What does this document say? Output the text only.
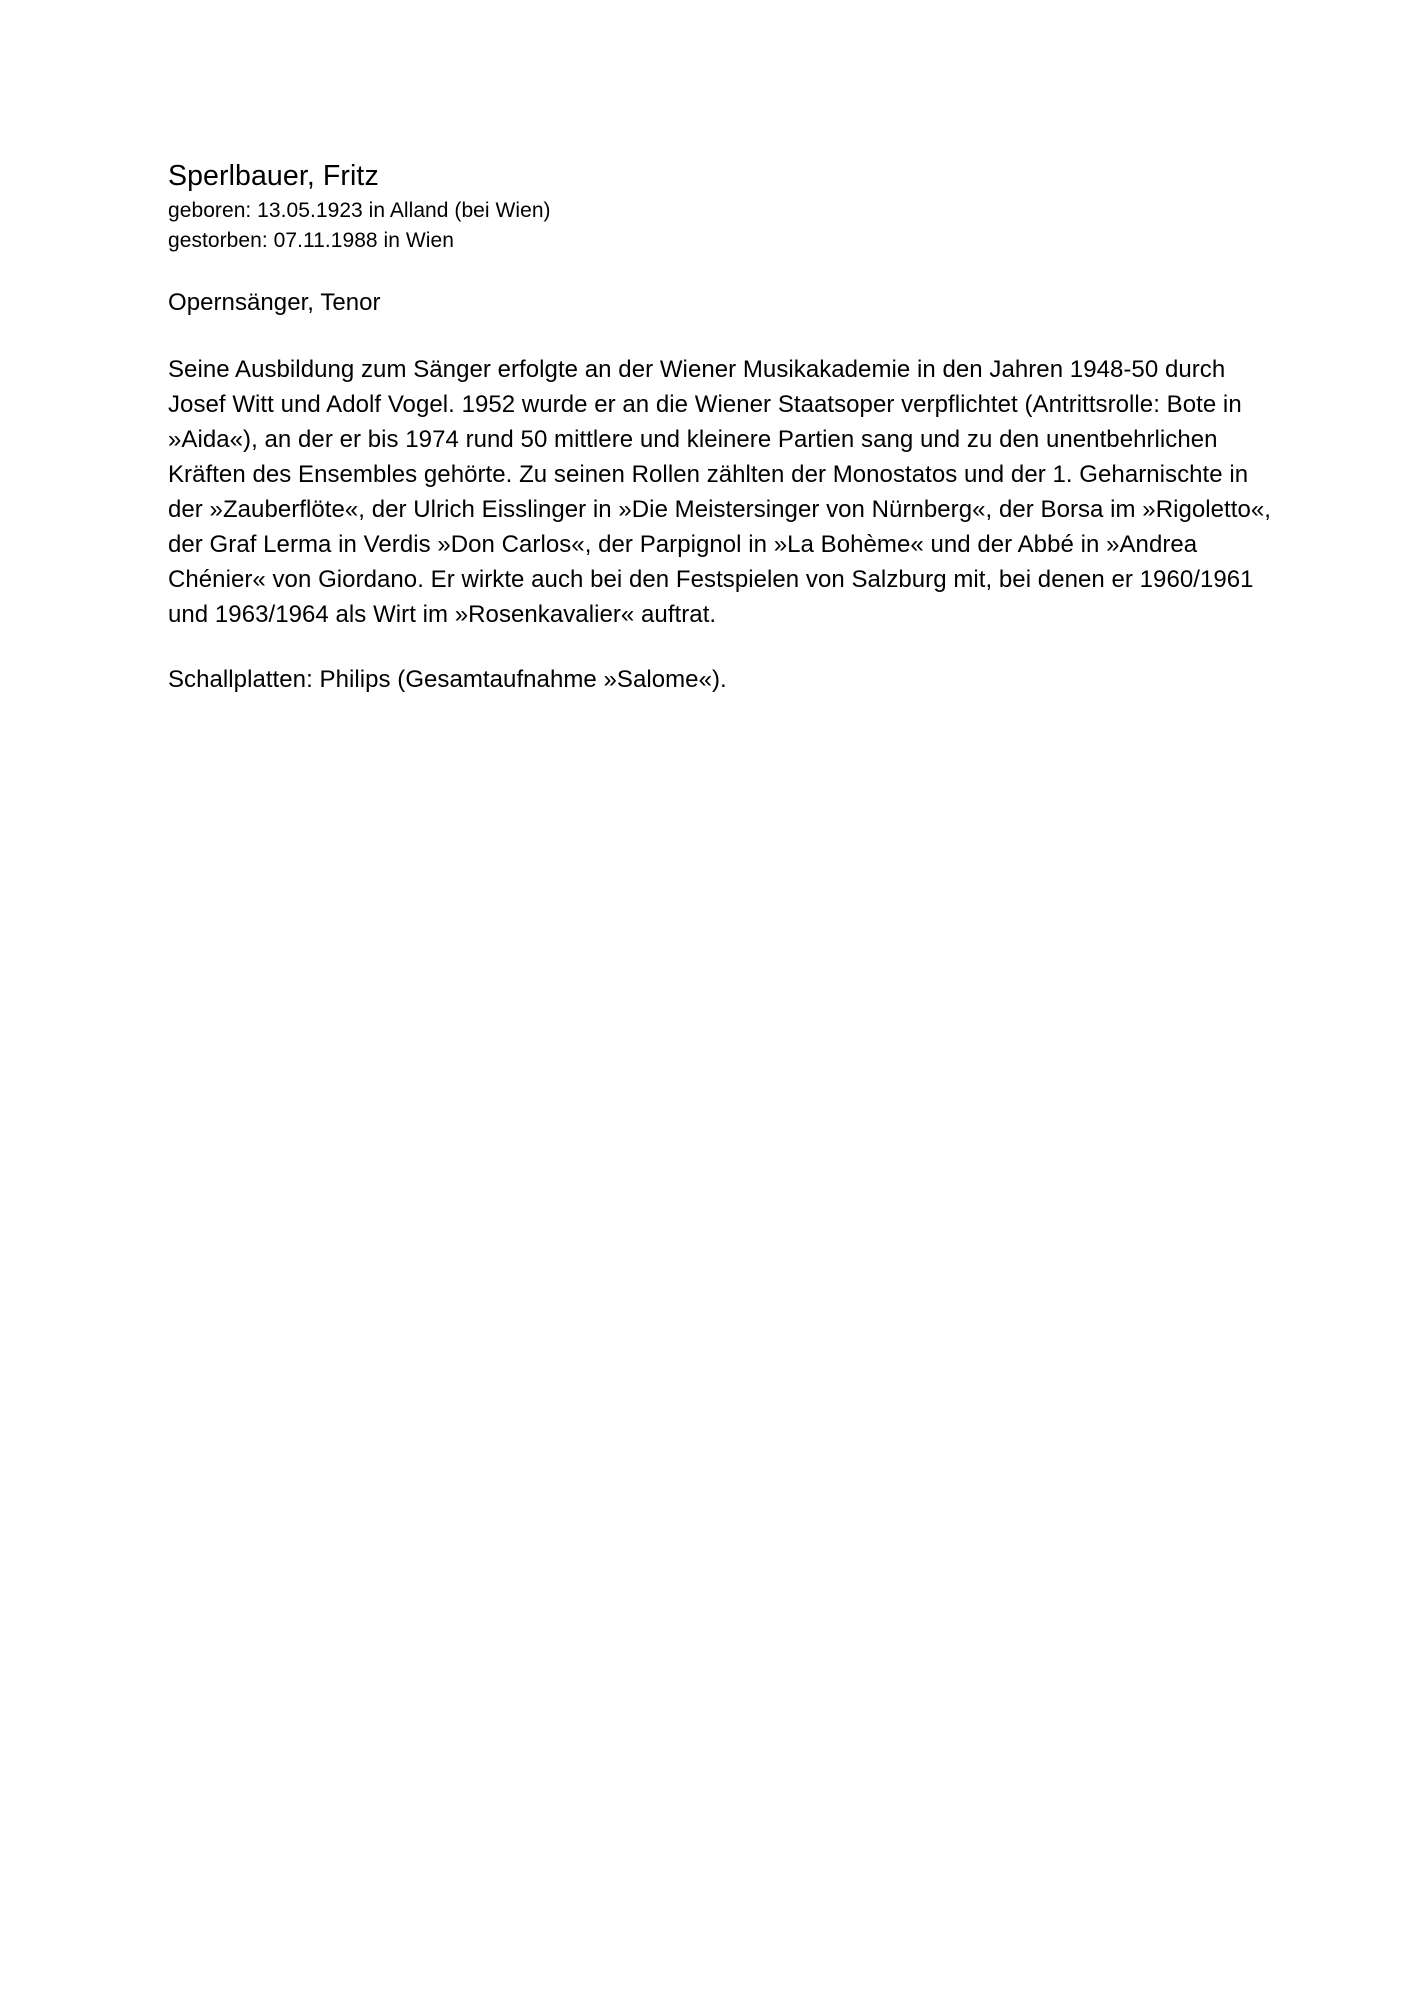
Sperlbauer, Fritz

geboren: 13.05.1923 in Alland (bei Wien)

gestorben: 07.11.1988 in Wien

Opernsänger, Tenor

Seine Ausbildung zum Sänger erfolgte an der Wiener Musikakademie in den Jahren 1948-50 durch Josef Witt und Adolf Vogel. 1952 wurde er an die Wiener Staatsoper verpflichtet (Antrittsrolle: Bote in »Aida«), an der er bis 1974 rund 50 mittlere und kleinere Partien sang und zu den unentbehrlichen Kräften des Ensembles gehörte. Zu seinen Rollen zählten der Monostatos und der 1. Geharnischte in der »Zauberflöte«, der Ulrich Eisslinger in »Die Meistersinger von Nürnberg«, der Borsa im »Rigoletto«, der Graf Lerma in Verdis »Don Carlos«, der Parpignol in »La Bohème« und der Abbé in »Andrea Chénier« von Giordano. Er wirkte auch bei den Festspielen von Salzburg mit, bei denen er 1960/1961 und 1963/1964 als Wirt im »Rosenkavalier« auftrat.

Schallplatten: Philips (Gesamtaufnahme »Salome«).
